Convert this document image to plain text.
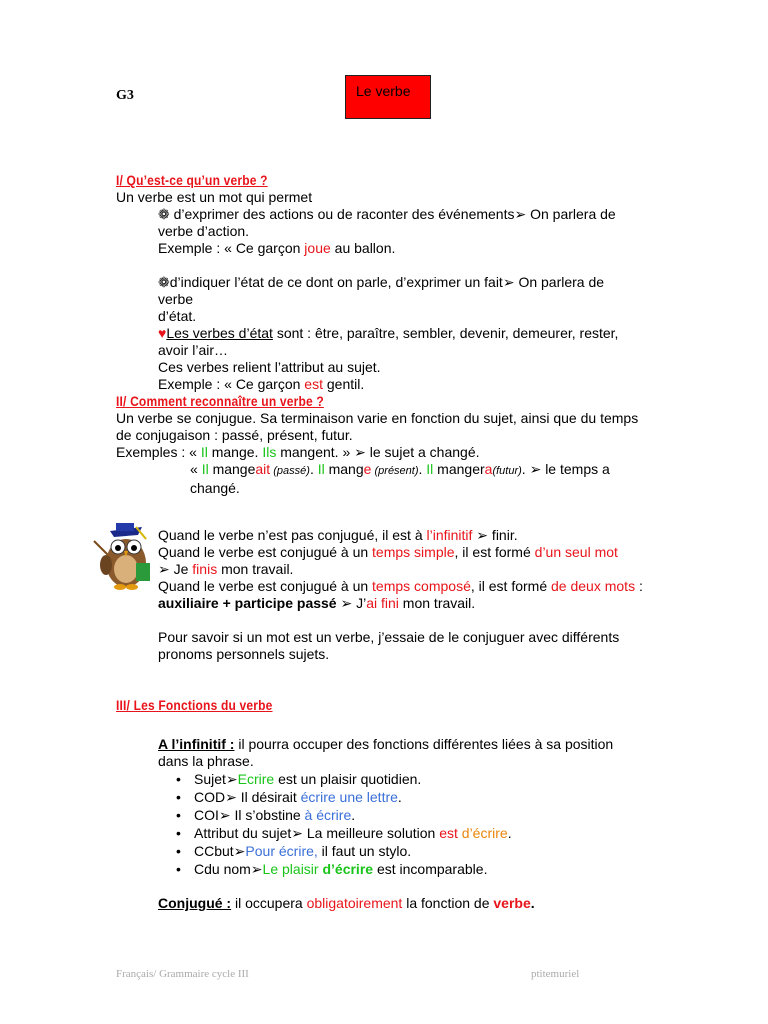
G3	Le verbe
I/ Qu’est-ce qu’un verbe ?
Un verbe est un mot qui permet
❁ d’exprimer des actions ou de raconter des événements➢ On parlera de
verbe d’action.
Exemple : « Ce garçon joue au ballon.
❁d’indiquer l’état de ce dont on parle, d’exprimer un fait➢ On parlera de verbe
d’état.
♥Les verbes d’état sont : être, paraître, sembler, devenir, demeurer, rester,
avoir l’air…
Ces verbes relient l’attribut au sujet.
Exemple : « Ce garçon est gentil.
II/ Comment reconnaître un verbe ?
Un verbe se conjugue. Sa terminaison varie en fonction du sujet, ainsi que du temps
de conjugaison : passé, présent, futur.
Exemples : « Il mange. Ils mangent. » ➢ le sujet a changé.
« Il mangeait (passé). Il mange (présent). Il mangera(futur). ➢ le temps a
changé.
Quand le verbe n’est pas conjugué, il est à l’infinitif ➢ finir.
Quand le verbe est conjugué à un temps simple, il est formé d’un seul mot
➢ Je finis mon travail.
Quand le verbe est conjugué à un temps composé, il est formé de deux mots :
auxiliaire + participe passé ➢ J’ai fini mon travail.
Pour savoir si un mot est un verbe, j’essaie de le conjuguer avec différents
pronoms personnels sujets.
III/ Les Fonctions du verbe
A l’infinitif : il pourra occuper des fonctions différentes liées à sa position
dans la phrase.
• Sujet➢Ecrire est un plaisir quotidien.
• COD➢ Il désirait écrire une lettre.
• COI➢ Il s’obstine à écrire.
• Attribut du sujet➢ La meilleure solution est d’écrire.
• CCbut➢Pour écrire, il faut un stylo.
• Cdu nom➢Le plaisir d’écrire est incomparable.
Conjugué : il occupera obligatoirement la fonction de verbe.
Français/ Grammaire cycle III	ptitemuriel
